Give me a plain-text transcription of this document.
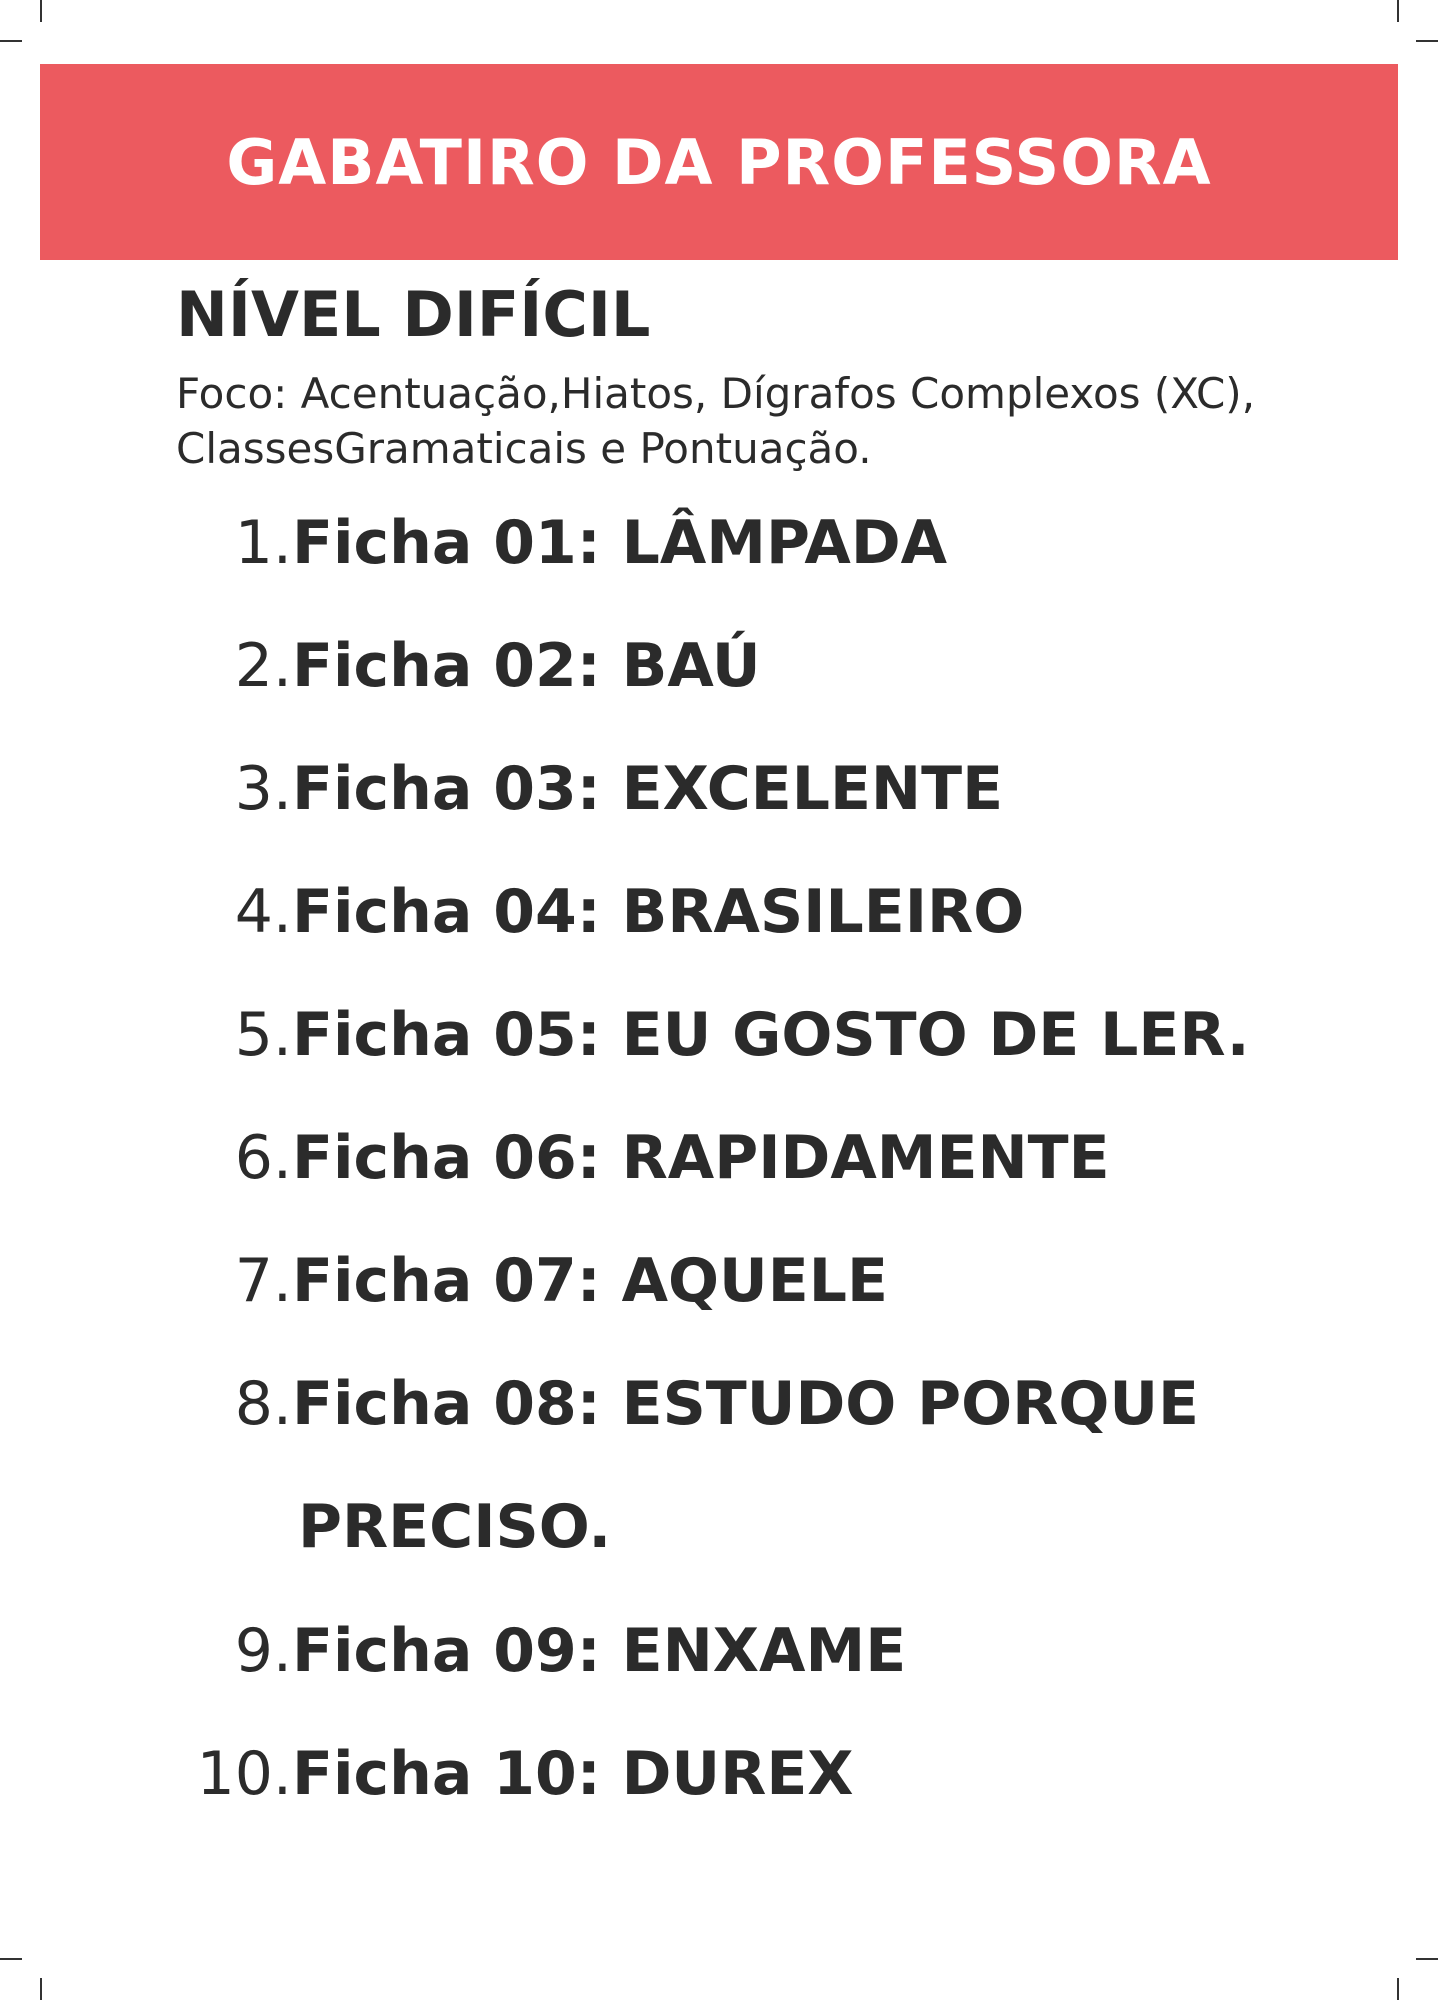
GABATIRO DA PROFESSORA
NÍVEL DIFÍCIL
Foco: Acentuação,Hiatos, Dígrafos Complexos (XC), ClassesGramaticais e Pontuação.
1. Ficha 01: LÂMPADA
2. Ficha 02: BAÚ
3. Ficha 03: EXCELENTE
4. Ficha 04: BRASILEIRO
5. Ficha 05: EU GOSTO DE LER.
6. Ficha 06: RAPIDAMENTE
7. Ficha 07: AQUELE
8. Ficha 08: ESTUDO PORQUE
PRECISO.
9. Ficha 09: ENXAME
10. Ficha 10: DUREX
